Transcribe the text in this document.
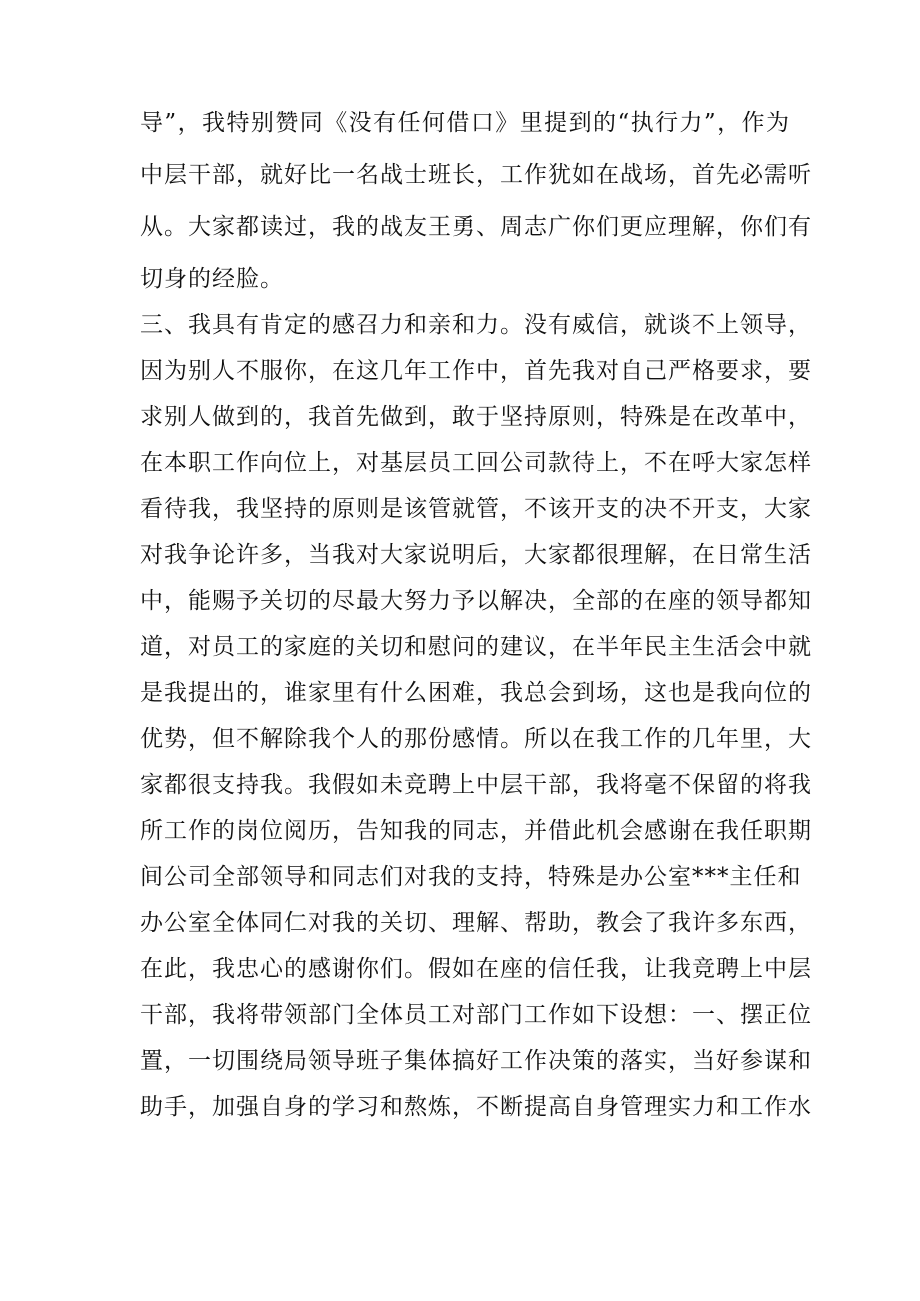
导”，我特别赞同《没有任何借口》里提到的“执行力”，作为
中层干部，就好比一名战士班长，工作犹如在战场，首先必需听
从。大家都读过，我的战友王勇、周志广你们更应理解，你们有
切身的经脸。
三、我具有肯定的感召力和亲和力。没有威信，就谈不上领导，
因为别人不服你，在这几年工作中，首先我对自己严格要求，要
求别人做到的，我首先做到，敢于坚持原则，特殊是在改革中，
在本职工作向位上，对基层员工回公司款待上，不在呼大家怎样
看待我，我坚持的原则是该管就管，不该开支的决不开支，大家
对我争论许多，当我对大家说明后，大家都很理解，在日常生活
中，能赐予关切的尽最大努力予以解决，全部的在座的领导都知
道，对员工的家庭的关切和慰问的建议，在半年民主生活会中就
是我提出的，谁家里有什么困难，我总会到场，这也是我向位的
优势，但不解除我个人的那份感情。所以在我工作的几年里，大
家都很支持我。我假如未竞聘上中层干部，我将毫不保留的将我
所工作的岗位阅历，告知我的同志，并借此机会感谢在我任职期
间公司全部领导和同志们对我的支持，特殊是办公室***主任和
办公室全体同仁对我的关切、理解、帮助，教会了我许多东西，
在此，我忠心的感谢你们。假如在座的信任我，让我竞聘上中层
干部，我将带领部门全体员工对部门工作如下设想：一、摆正位
置，一切围绕局领导班子集体搞好工作决策的落实，当好参谋和
助手，加强自身的学习和熬炼，不断提高自身管理实力和工作水
